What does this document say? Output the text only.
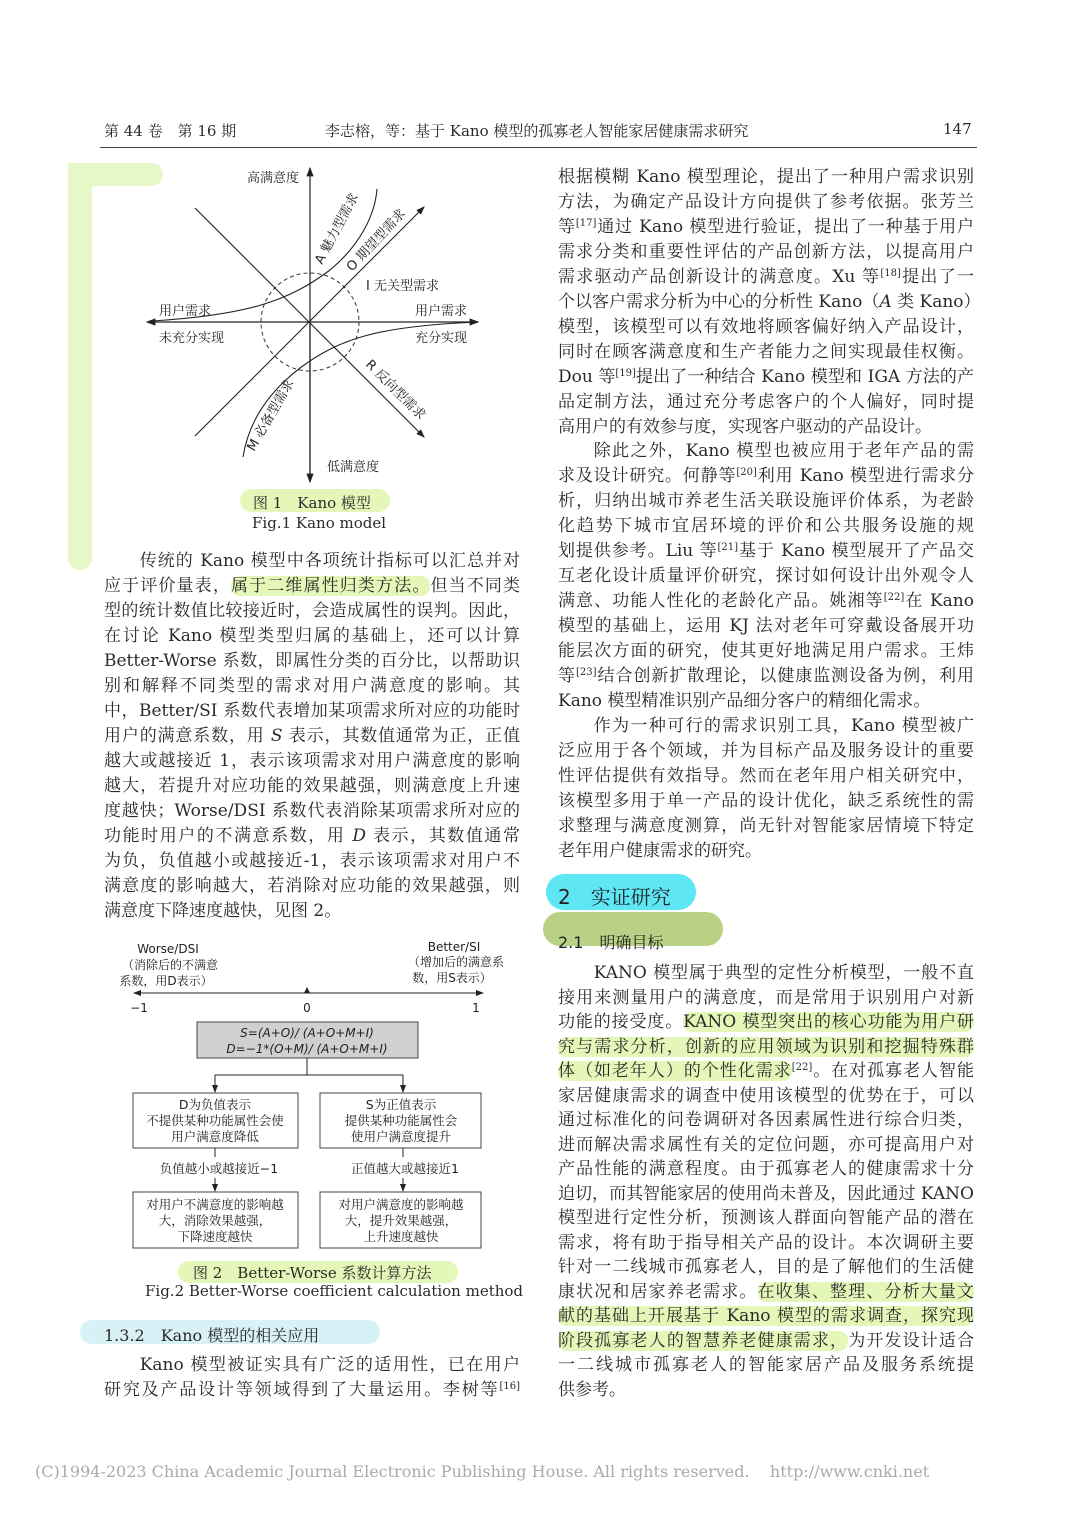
第 44 卷　第 16 期	李志榕，等：基于 Kano 模型的孤寡老人智能家居健康需求研究	147
高满意度
低满意度
用户需求
未充分实现
用户需求
充分实现
I 无关型需求
A 魅力型需求
O 期望型需求
M 必备型需求	R 反向型需求
图 1　Kano 模型
Fig.1 Kano model
传统的 Kano 模型中各项统计指标可以汇总并对
应于评价量表，属于二维属性归类方法。但当不同类
型的统计数值比较接近时，会造成属性的误判。因此，
在讨论 Kano 模型类型归属的基础上，还可以计算
Better-Worse 系数，即属性分类的百分比，以帮助识
别和解释不同类型的需求对用户满意度的影响。其
中，Better/SI 系数代表增加某项需求所对应的功能时
用户的满意系数，用 S 表示，其数值通常为正，正值
越大或越接近 1，表示该项需求对用户满意度的影响
越大，若提升对应功能的效果越强，则满意度上升速
度越快；Worse/DSI 系数代表消除某项需求所对应的
功能时用户的不满意系数，用 D 表示，其数值通常
为负，负值越小或越接近-1，表示该项需求对用户不
满意度的影响越大，若消除对应功能的效果越强，则
满意度下降速度越快，见图 2。
Worse/DSI
（消除后的不满意
系数，用D表示）
Better/SI
（增加后的满意系
数，用S表示）
−1	0	1
S=(A+O)/ (A+O+M+I)
D=−1*(O+M)/ (A+O+M+I)
D为负值表示
不提供某种功能属性会使
用户满意度降低
S为正值表示
提供某种功能属性会
使用户满意度提升
负值越小或越接近−1	正值越大或越接近1
对用户不满意度的影响越
大，消除效果越强，
下降速度越快
对用户满意度的影响越
大，提升效果越强，
上升速度越快
图 2　Better-Worse 系数计算方法
Fig.2 Better-Worse coefficient calculation method
1.3.2　Kano 模型的相关应用
Kano 模型被证实具有广泛的适用性，已在用户
研究及产品设计等领域得到了大量运用。李树等[16]
根据模糊 Kano 模型理论，提出了一种用户需求识别
方法，为确定产品设计方向提供了参考依据。张芳兰
等[17]通过 Kano 模型进行验证，提出了一种基于用户
需求分类和重要性评估的产品创新方法，以提高用户
需求驱动产品创新设计的满意度。Xu 等[18]提出了一
个以客户需求分析为中心的分析性 Kano（A 类 Kano）
模型，该模型可以有效地将顾客偏好纳入产品设计，
同时在顾客满意度和生产者能力之间实现最佳权衡。
Dou 等[19]提出了一种结合 Kano 模型和 IGA 方法的产
品定制方法，通过充分考虑客户的个人偏好，同时提
高用户的有效参与度，实现客户驱动的产品设计。
除此之外，Kano 模型也被应用于老年产品的需
求及设计研究。何静等[20]利用 Kano 模型进行需求分
析，归纳出城市养老生活关联设施评价体系，为老龄
化趋势下城市宜居环境的评价和公共服务设施的规
划提供参考。Liu 等[21]基于 Kano 模型展开了产品交
互老化设计质量评价研究，探讨如何设计出外观令人
满意、功能人性化的老龄化产品。姚湘等[22]在 Kano
模型的基础上，运用 KJ 法对老年可穿戴设备展开功
能层次方面的研究，使其更好地满足用户需求。王炜
等[23]结合创新扩散理论，以健康监测设备为例，利用
Kano 模型精准识别产品细分客户的精细化需求。
作为一种可行的需求识别工具，Kano 模型被广
泛应用于各个领域，并为目标产品及服务设计的重要
性评估提供有效指导。然而在老年用户相关研究中，
该模型多用于单一产品的设计优化，缺乏系统性的需
求整理与满意度测算，尚无针对智能家居情境下特定
老年用户健康需求的研究。
2　实证研究
2.1　明确目标
KANO 模型属于典型的定性分析模型，一般不直
接用来测量用户的满意度，而是常用于识别用户对新
功能的接受度。KANO 模型突出的核心功能为用户研
究与需求分析，创新的应用领域为识别和挖掘特殊群
体（如老年人）的个性化需求[22]。在对孤寡老人智能
家居健康需求的调查中使用该模型的优势在于，可以
通过标准化的问卷调研对各因素属性进行综合归类，
进而解决需求属性有关的定位问题，亦可提高用户对
产品性能的满意程度。由于孤寡老人的健康需求十分
迫切，而其智能家居的使用尚未普及，因此通过 KANO
模型进行定性分析，预测该人群面向智能产品的潜在
需求，将有助于指导相关产品的设计。本次调研主要
针对一二线城市孤寡老人，目的是了解他们的生活健
康状况和居家养老需求。在收集、整理、分析大量文
献的基础上开展基于 Kano 模型的需求调查，探究现
阶段孤寡老人的智慧养老健康需求，为开发设计适合
一二线城市孤寡老人的智能家居产品及服务系统提
供参考。
(C)1994-2023 China Academic Journal Electronic Publishing House. All rights reserved. http://www.cnki.net
